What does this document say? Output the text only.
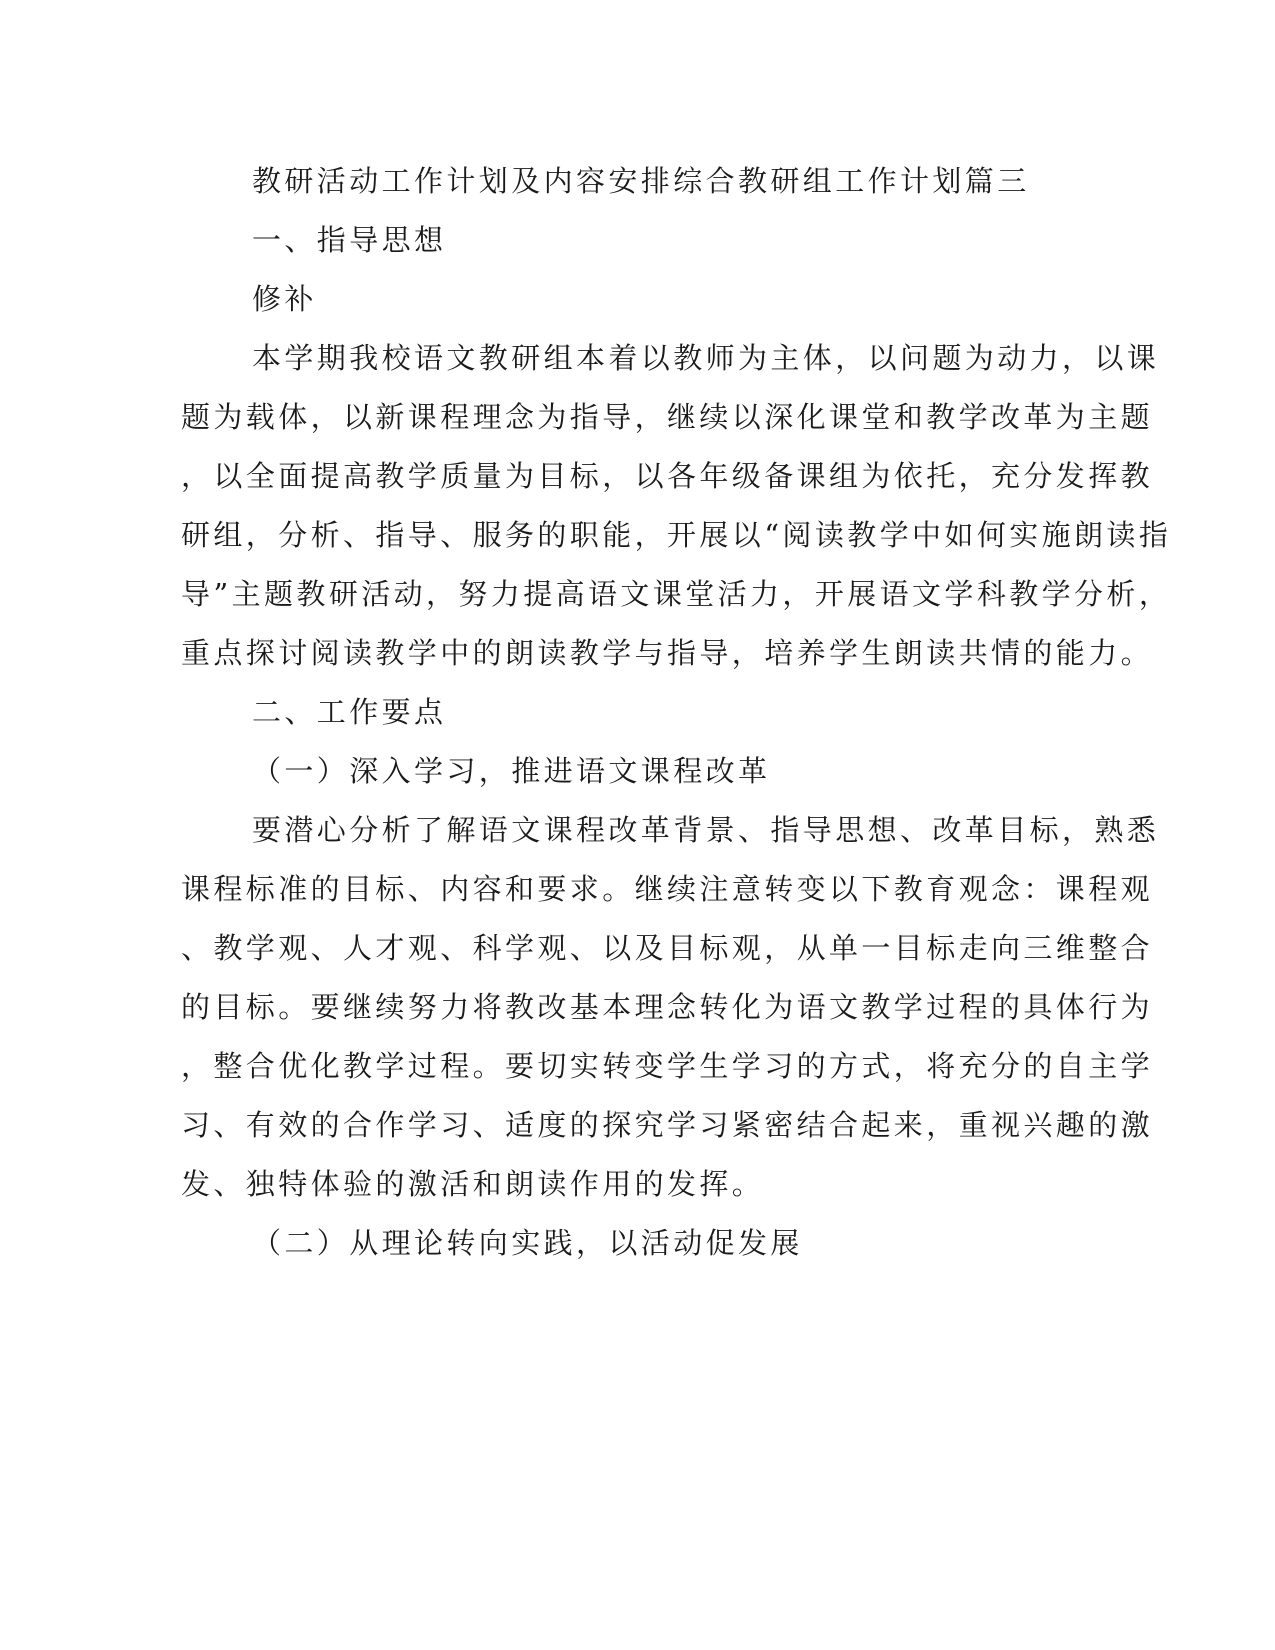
教研活动工作计划及内容安排综合教研组工作计划篇三
一、指导思想
修补
本学期我校语文教研组本着以教师为主体，以问题为动力，以课
题为载体，以新课程理念为指导，继续以深化课堂和教学改革为主题
，以全面提高教学质量为目标，以各年级备课组为依托，充分发挥教
研组，分析、指导、服务的职能，开展以“阅读教学中如何实施朗读指
导”主题教研活动，努力提高语文课堂活力，开展语文学科教学分析，
重点探讨阅读教学中的朗读教学与指导，培养学生朗读共情的能力。
二、工作要点
（一）深入学习，推进语文课程改革
要潜心分析了解语文课程改革背景、指导思想、改革目标，熟悉
课程标准的目标、内容和要求。继续注意转变以下教育观念：课程观
、教学观、人才观、科学观、以及目标观，从单一目标走向三维整合
的目标。要继续努力将教改基本理念转化为语文教学过程的具体行为
，整合优化教学过程。要切实转变学生学习的方式，将充分的自主学
习、有效的合作学习、适度的探究学习紧密结合起来，重视兴趣的激
发、独特体验的激活和朗读作用的发挥。
（二）从理论转向实践，以活动促发展
